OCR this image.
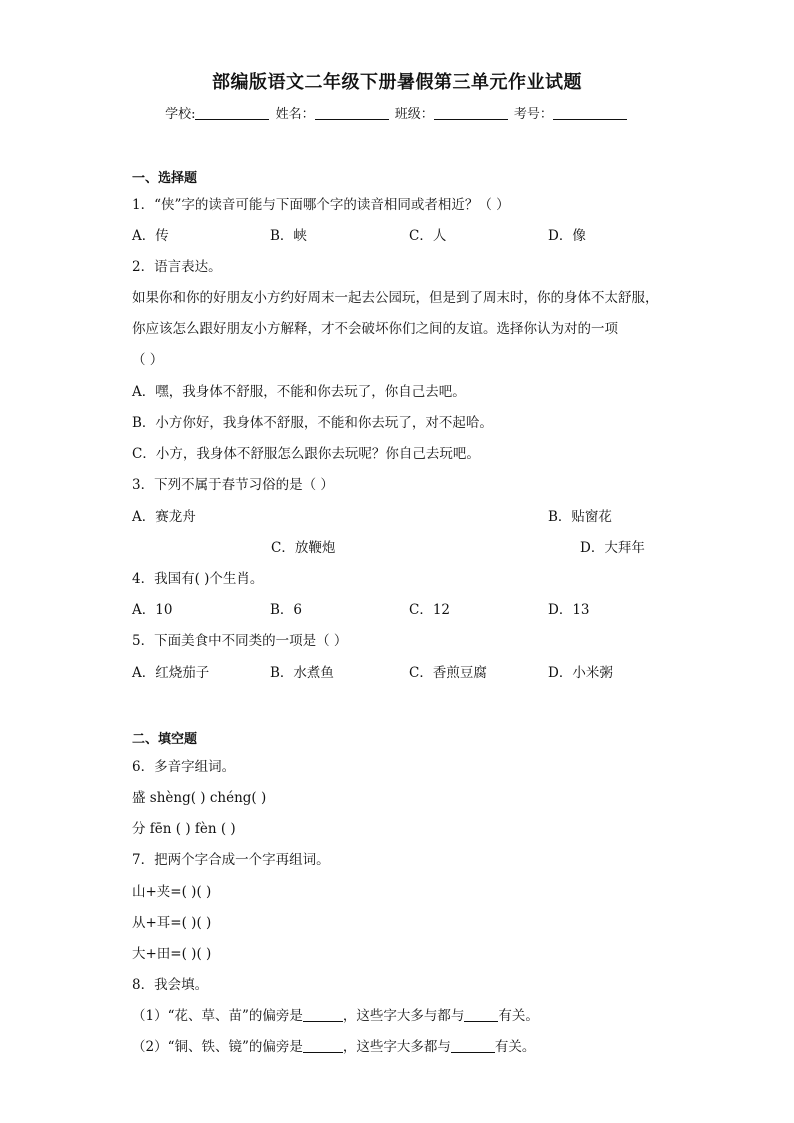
部编版语文二年级下册暑假第三单元作业试题
学校:	姓名：	班级：	考号：
一、选择题
1．“侠”字的读音可能与下面哪个字的读音相同或者相近？（ ）
A．传	B．峡	C．人	D．像
2．语言表达。
如果你和你的好朋友小方约好周末一起去公园玩，但是到了周末时，你的身体不太舒服，
你应该怎么跟好朋友小方解释，才不会破坏你们之间的友谊。选择你认为对的一项
（ ）
A．嘿，我身体不舒服，不能和你去玩了，你自己去吧。
B．小方你好，我身体不舒服，不能和你去玩了，对不起哈。
C．小方，我身体不舒服怎么跟你去玩呢？你自己去玩吧。
3．下列不属于春节习俗的是（ ）
A．赛龙舟	B．贴窗花
C．放鞭炮	D．大拜年
4．我国有( )个生肖。
A．10	B．6	C．12	D．13
5．下面美食中不同类的一项是（ ）
A．红烧茄子	B．水煮鱼	C．香煎豆腐	D．小米粥
二、填空题
6．多音字组词。
盛 shèng( ) chéng( )
分 fēn ( ) fèn ( )
7．把两个字合成一个字再组词。
山+夹=( )( )
从+耳=( )( )
大+田=( )( )
8．我会填。
（1）“花、草、苗”的偏旁是	，这些字大多与都与	有关。
（2）“铜、铁、镜”的偏旁是	，这些字大多都与	有关。
